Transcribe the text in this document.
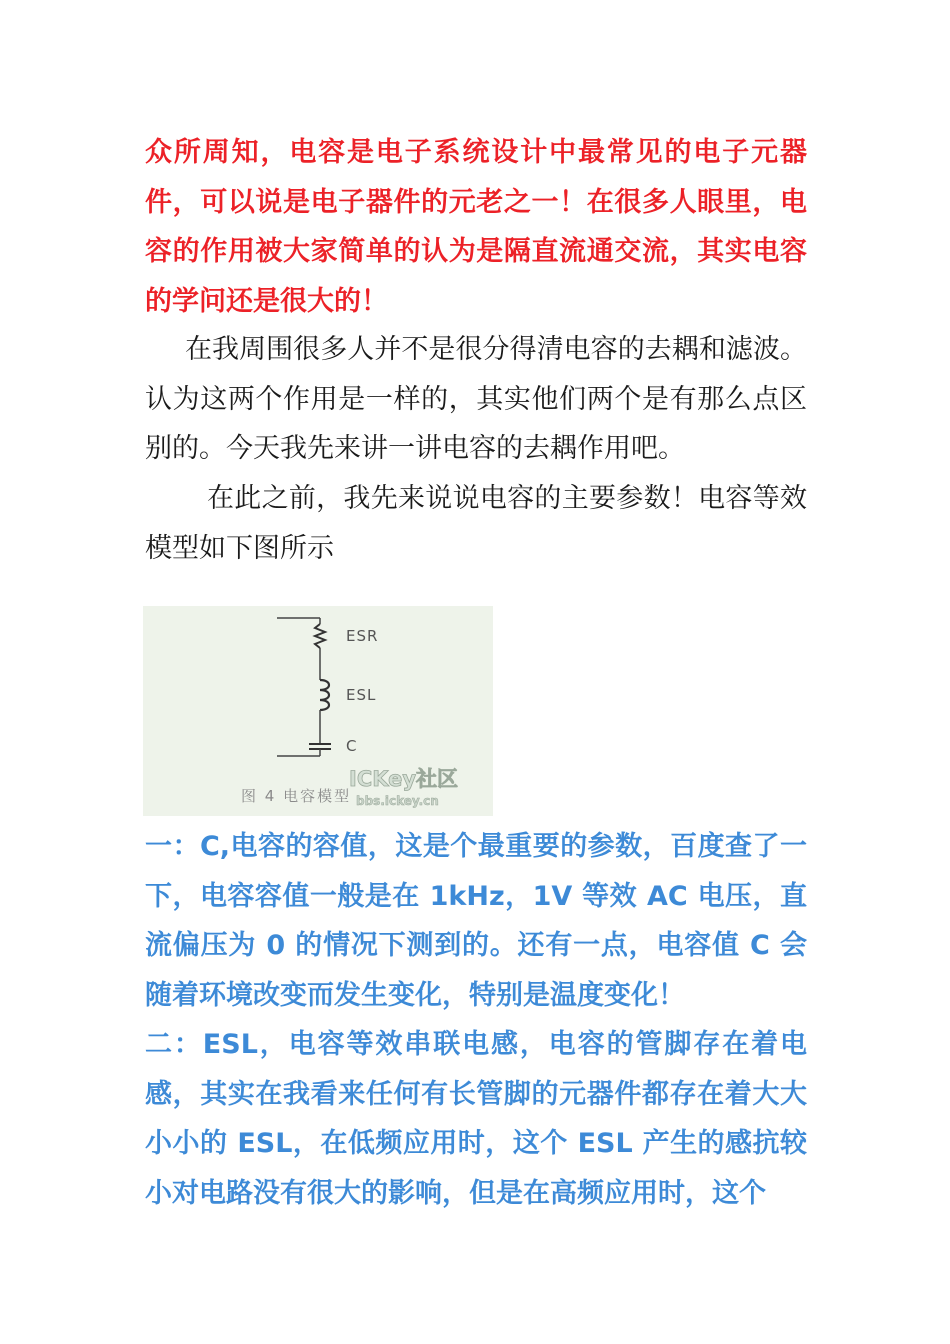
众所周知，电容是电子系统设计中最常见的电子元器件，可以说是电子器件的元老之一！在很多人眼里，电容的作用被大家简单的认为是隔直流通交流，其实电容的学问还是很大的！

在我周围很多人并不是很分得清电容的去耦和滤波。认为这两个作用是一样的，其实他们两个是有那么点区别的。今天我先来讲一讲电容的去耦作用吧。

在此之前，我先来说说电容的主要参数！电容等效模型如下图所示

ESR
ESL
C
图 4 电容模型
ICKey社区
bbs.ickey.cn

一：C,电容的容值，这是个最重要的参数，百度查了一下，电容容值一般是在 1kHz，1V 等效 AC 电压，直流偏压为 0 的情况下测到的。还有一点，电容值 C 会随着环境改变而发生变化，特别是温度变化！

二：ESL，电容等效串联电感，电容的管脚存在着电感，其实在我看来任何有长管脚的元器件都存在着大大小小的 ESL，在低频应用时，这个 ESL 产生的感抗较小对电路没有很大的影响，但是在高频应用时，这个
